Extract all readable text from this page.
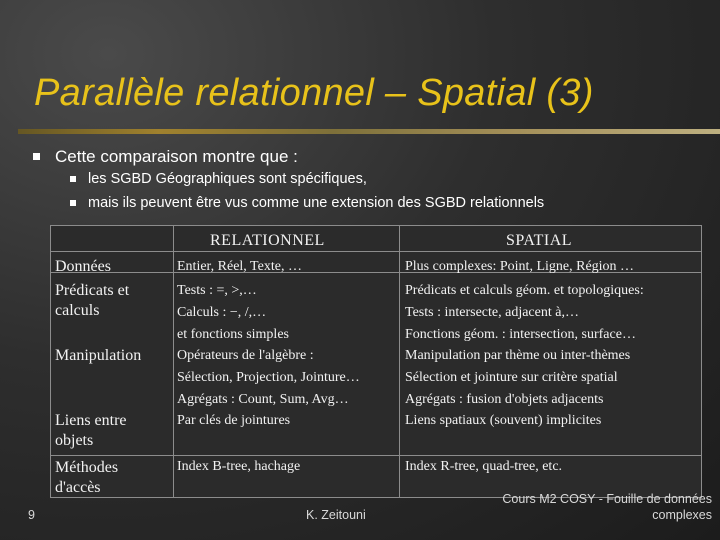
Parallèle relationnel – Spatial (3)
Cette comparaison montre que :
les SGBD Géographiques sont spécifiques,
mais ils peuvent être vus comme une extension des SGBD relationnels
RELATIONNEL	SPATIAL
Données
Prédicats et calculs
Manipulation
Liens entre objets
Méthodes d'accès
Entier, Réel, Texte, …
Tests : =, >,…
Calculs : −, /,…
et fonctions simples
Opérateurs de l'algèbre :
Sélection, Projection, Jointure…
Agrégats : Count, Sum, Avg…
Par clés de jointures
Index B-tree, hachage
Plus complexes: Point, Ligne, Région …
Prédicats et calculs géom. et topologiques:
Tests : intersecte, adjacent à,…
Fonctions géom. : intersection, surface…
Manipulation par thème ou inter-thèmes
Sélection et jointure sur critère spatial
Agrégats : fusion d'objets adjacents
Liens spatiaux (souvent) implicites
Index R-tree, quad-tree, etc.
9	K. Zeitouni
Cours M2 COSY - Fouille de données
complexes
